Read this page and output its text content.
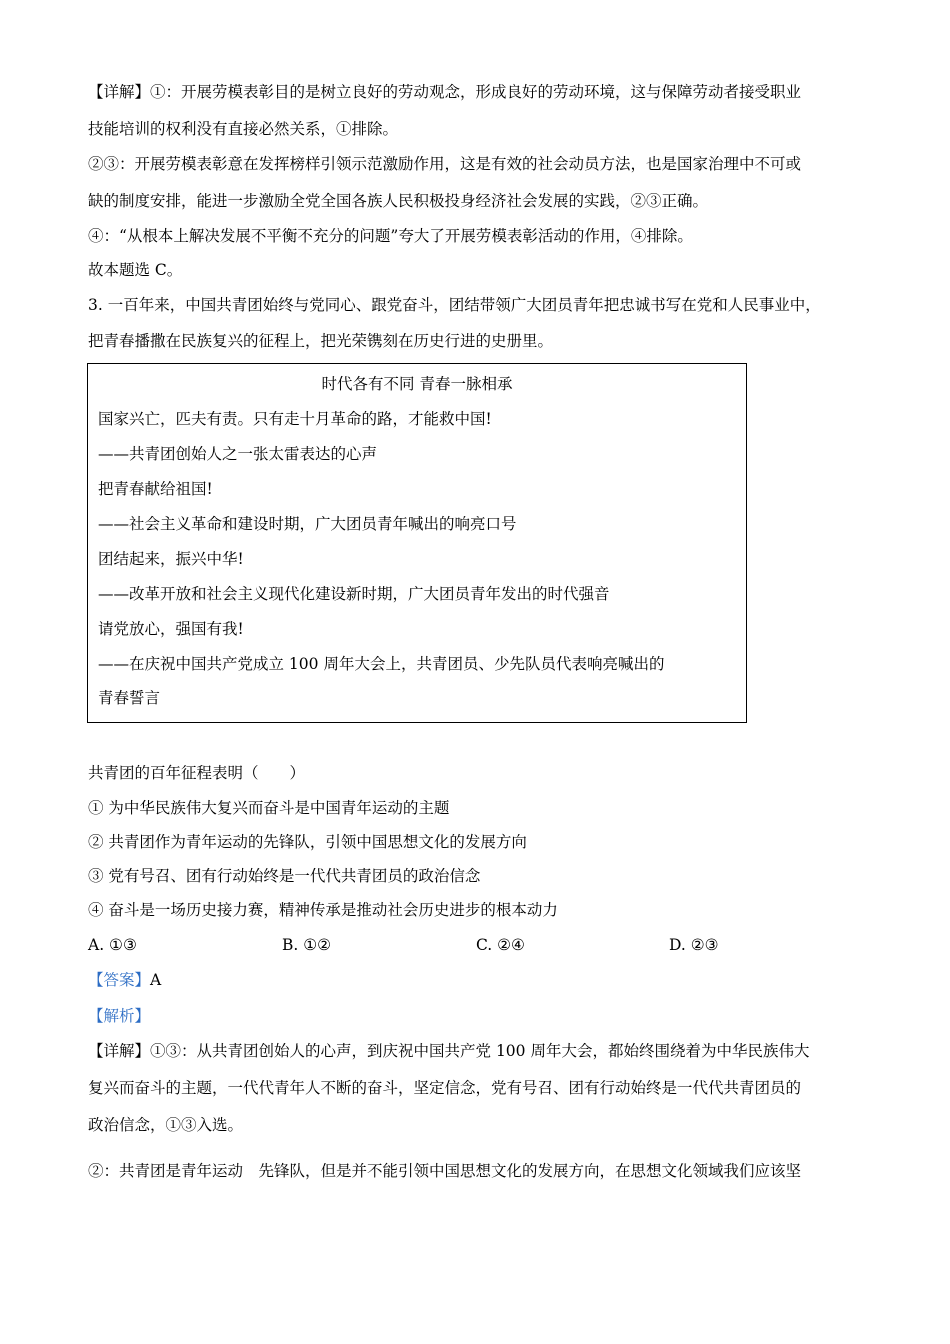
【详解】①：开展劳模表彰目的是树立良好的劳动观念，形成良好的劳动环境，这与保障劳动者接受职业
技能培训的权利没有直接必然关系，①排除。
②③：开展劳模表彰意在发挥榜样引领示范激励作用，这是有效的社会动员方法，也是国家治理中不可或
缺的制度安排，能进一步激励全党全国各族人民积极投身经济社会发展的实践，②③正确。
④：“从根本上解决发展不平衡不充分的问题”夸大了开展劳模表彰活动的作用，④排除。
故本题选 C。
3. 一百年来，中国共青团始终与党同心、跟党奋斗，团结带领广大团员青年把忠诚书写在党和人民事业中，
把青春播撒在民族复兴的征程上，把光荣镌刻在历史行进的史册里。
时代各有不同 青春一脉相承
国家兴亡，匹夫有责。只有走十月革命的路，才能救中国!
——共青团创始人之一张太雷表达的心声
把青春献给祖国!
——社会主义革命和建设时期，广大团员青年喊出的响亮口号
团结起来，振兴中华!
——改革开放和社会主义现代化建设新时期，广大团员青年发出的时代强音
请党放心，强国有我!
——在庆祝中国共产党成立 100 周年大会上，共青团员、少先队员代表响亮喊出的
青春誓言
共青团的百年征程表明（　　）
① 为中华民族伟大复兴而奋斗是中国青年运动的主题
② 共青团作为青年运动的先锋队，引领中国思想文化的发展方向
③ 党有号召、团有行动始终是一代代共青团员的政治信念
④ 奋斗是一场历史接力赛，精神传承是推动社会历史进步的根本动力
A. ①③	B. ①②	C. ②④	D. ②③
【答案】A
【解析】
【详解】①③：从共青团创始人的心声，到庆祝中国共产党 100 周年大会，都始终围绕着为中华民族伟大
复兴而奋斗的主题，一代代青年人不断的奋斗，坚定信念，党有号召、团有行动始终是一代代共青团员的
政治信念，①③入选。
②：共青团是青年运动　先锋队，但是并不能引领中国思想文化的发展方向，在思想文化领域我们应该坚
